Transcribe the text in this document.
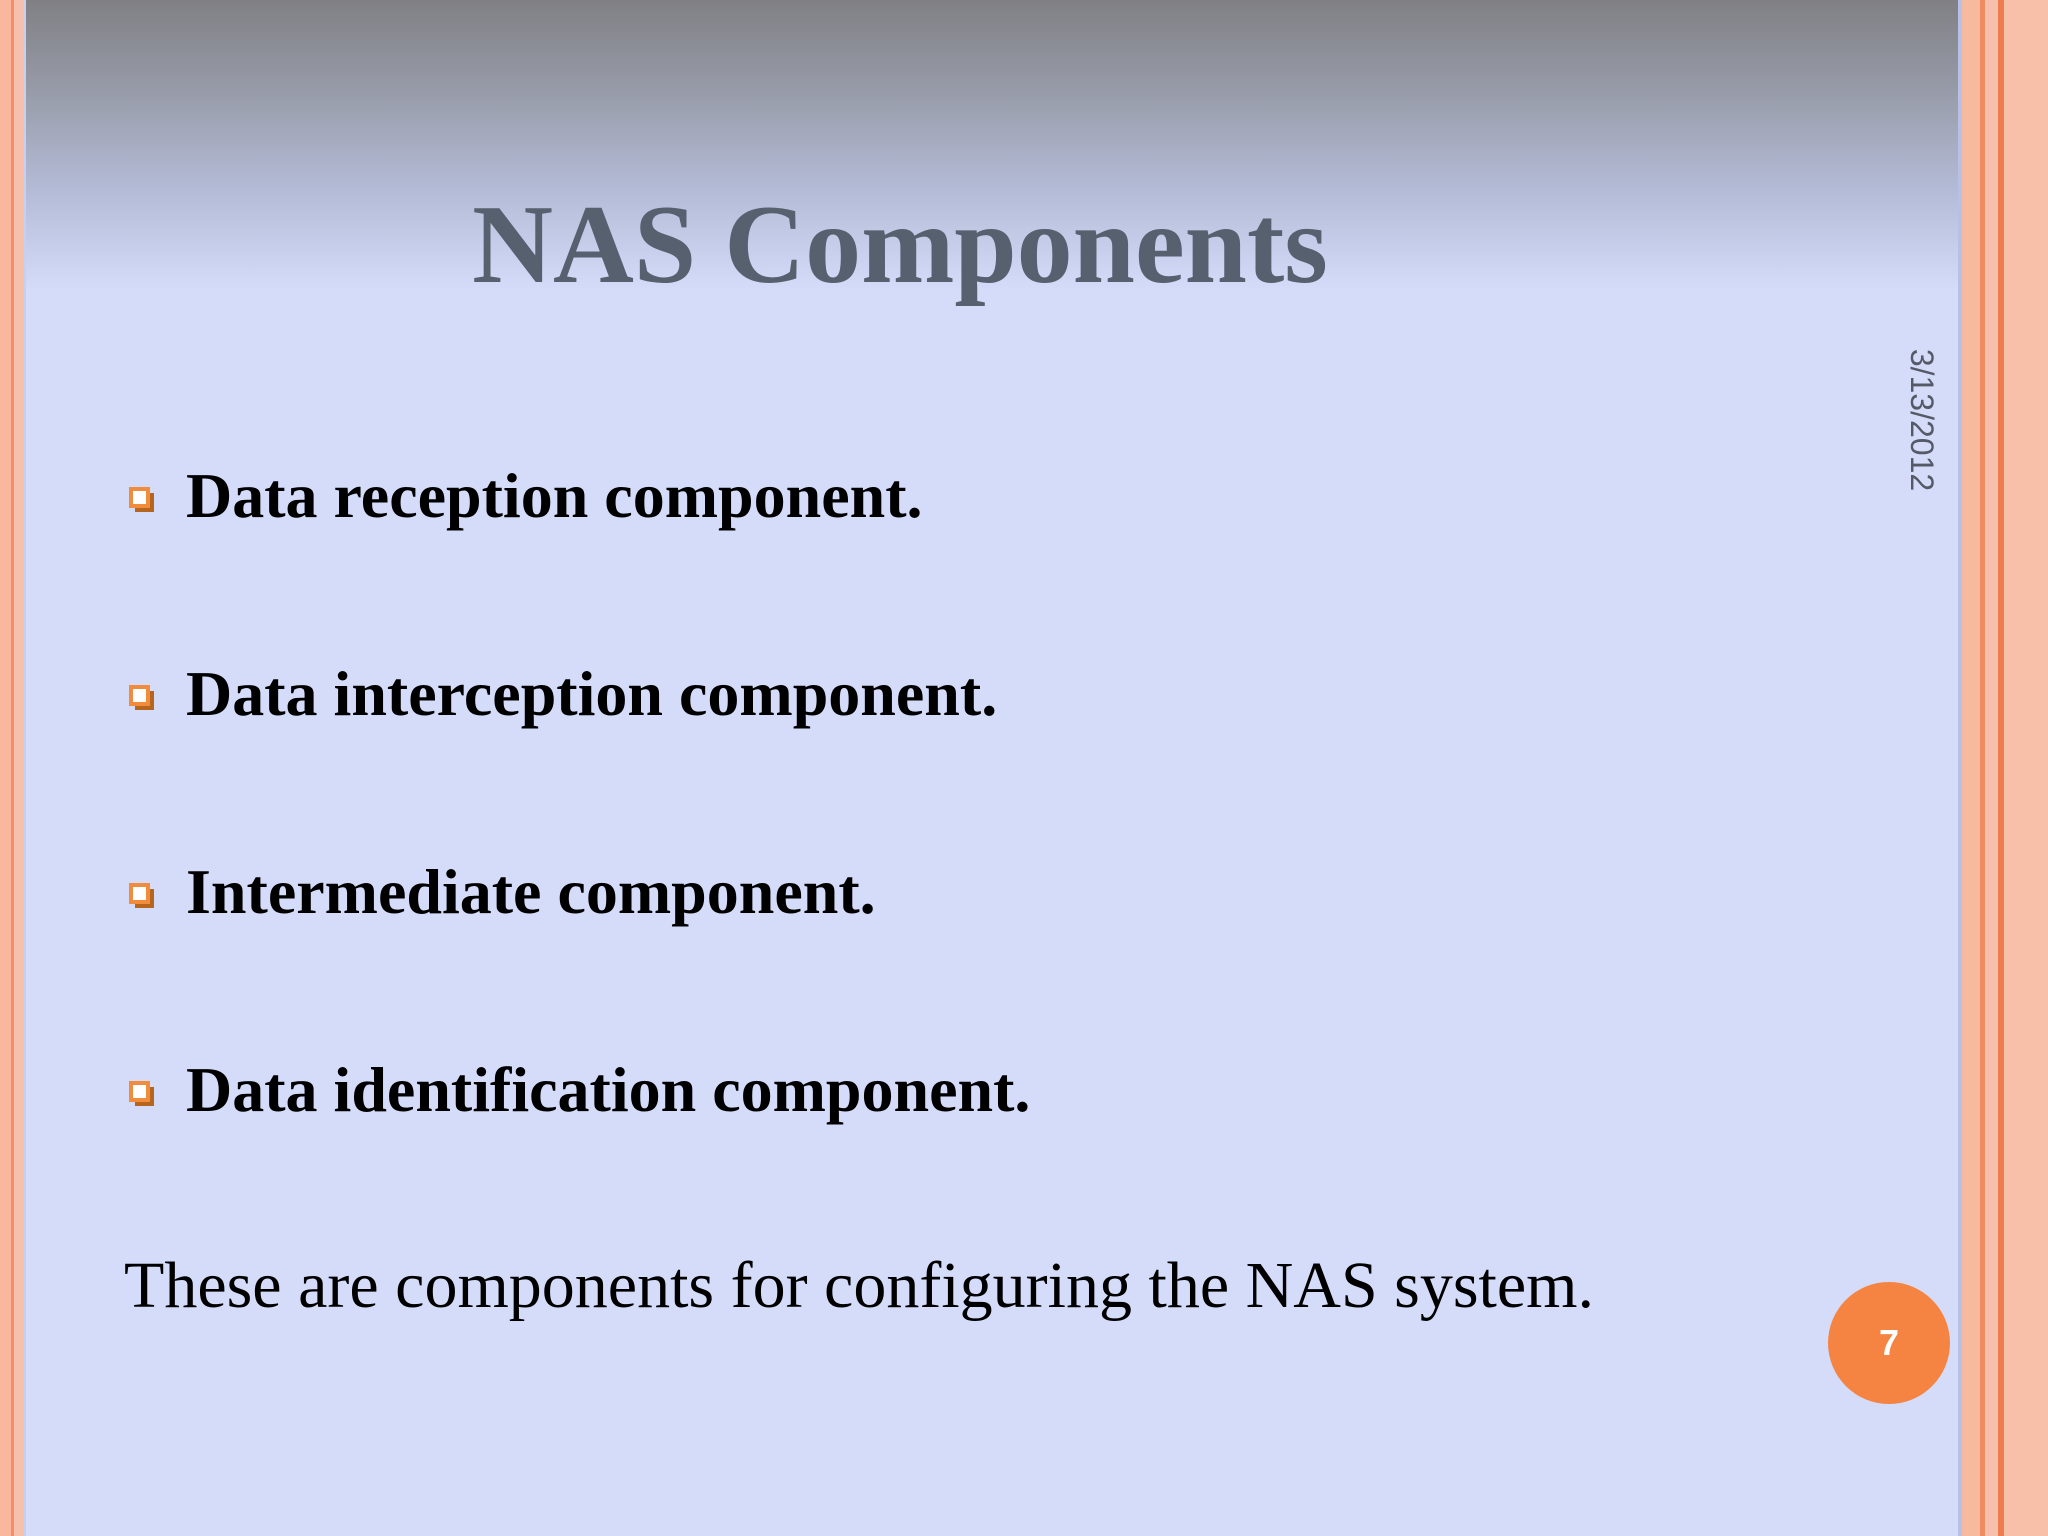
NAS Components
3/13/2012
Data reception component.
Data interception component.
Intermediate component.
Data identification component.

These are components for configuring the NAS system.

7
